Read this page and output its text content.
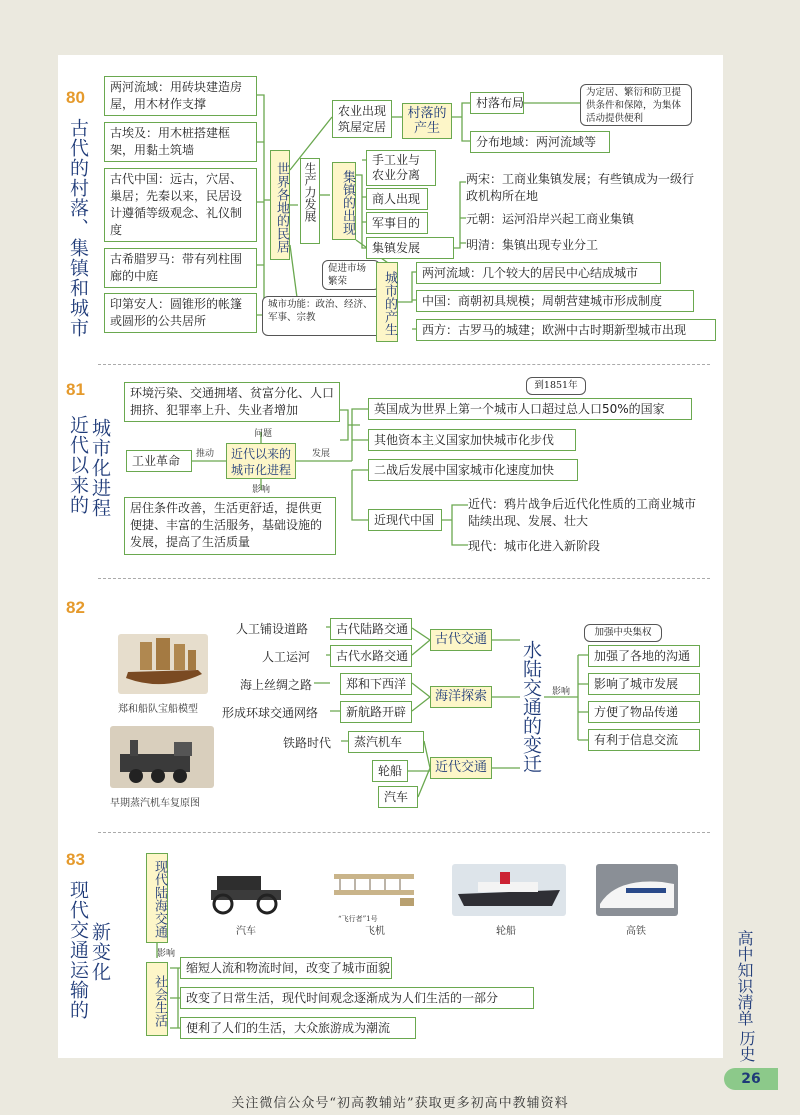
80
古代的村落、集镇和城市
两河流域：用砖块建造房屋，用木材作支撑
古埃及：用木桩搭建框架，用黏土筑墙
古代中国：远古，穴居、巢居；先秦以来，民居设计遵循等级观念、礼仪制度
古希腊罗马：带有列柱围廊的中庭
印第安人：圆锥形的帐篷或圆形的公共居所
世界各地的民居
农业出现筑屋定居
村落的产生
村落布局
为定居、繁衍和防卫提供条件和保障，为集体活动提供便利
分布地域：两河流域等
生产力发展	集镇的出现
手工业与农业分离
商人出现
军事目的
集镇发展
两宋：工商业集镇发展；有些镇成为一级行政机构所在地
元朝：运河沿岸兴起工商业集镇
明清：集镇出现专业分工
促进市场繁荣
城市功能：政治、经济、军事、宗教	城市的产生	两河流域：几个较大的居民中心结成城市
中国：商朝初具规模；周朝营建城市形成制度
西方：古罗马的城建；欧洲中古时期新型城市出现
81
近代以来的 城市化进程
环境污染、交通拥堵、贫富分化、人口拥挤、犯罪率上升、失业者增加
问题
工业革命	推动	近代以来的城市化进程
发展
影响
居住条件改善，生活更舒适，提供更便捷、丰富的生活服务，基础设施的发展，提高了生活质量
到1851年
英国成为世界上第一个城市人口超过总人口50%的国家
其他资本主义国家加快城市化步伐
二战后发展中国家城市化速度加快
近现代中国
近代：鸦片战争后近代化性质的工商业城市陆续出现、发展、壮大
现代：城市化进入新阶段
82
郑和船队宝船模型
早期蒸汽机车复原图
人工铺设道路	古代陆路交通
人工运河	古代水路交通
海上丝绸之路	郑和下西洋
形成环球交通网络	新航路开辟
铁路时代	蒸汽机车
轮船
汽车
古代交通
海洋探索
近代交通 水陆交通的变迁 影响
加强中央集权
加强了各地的沟通
影响了城市发展
方便了物品传递
有利于信息交流
83
现代交通运输的 新变化
现代陆海交通
影响
社会生活
汽车
“飞行者”1号
飞机	轮船	高铁
缩短人流和物流时间，改变了城市面貌
改变了日常生活，现代时间观念逐渐成为人们生活的一部分
便利了人们的生活，大众旅游成为潮流
高中知识清单
历史
26
关注微信公众号“初高教辅站”获取更多初高中教辅资料
